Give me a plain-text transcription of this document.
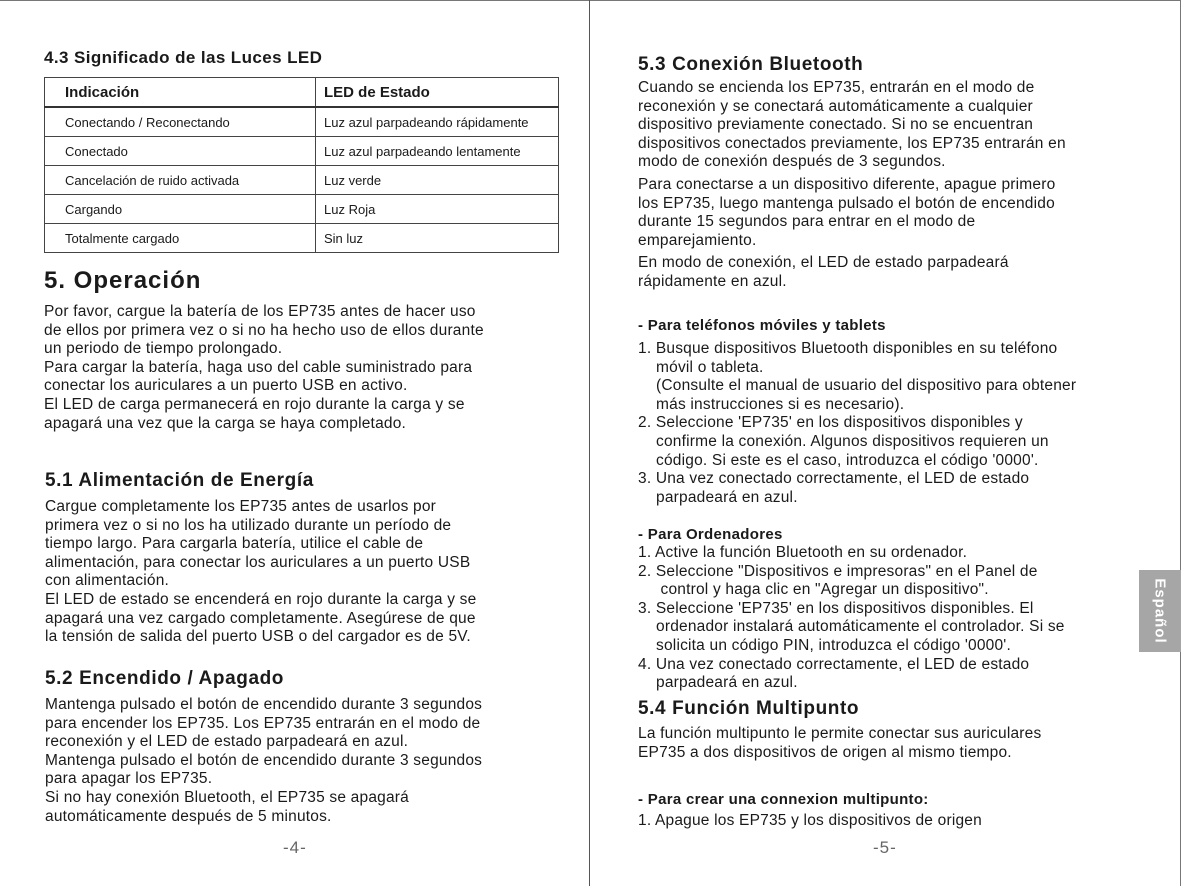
4.3 Significado de las Luces LED
Indicación	LED de Estado
Conectando / Reconectando	Luz azul parpadeando rápidamente
Conectado	Luz azul parpadeando lentamente
Cancelación de ruido activada	Luz verde
Cargando	Luz Roja
Totalmente cargado	Sin luz
5. Operación
Por favor, cargue la batería de los EP735 antes de hacer uso
de ellos por primera vez o si no ha hecho uso de ellos durante
un periodo de tiempo prolongado.
Para cargar la batería, haga uso del cable suministrado para
conectar los auriculares a un puerto USB en activo.
El LED de carga permanecerá en rojo durante la carga y se
apagará una vez que la carga se haya completado.
5.1 Alimentación de Energía
Cargue completamente los EP735 antes de usarlos por
primera vez o si no los ha utilizado durante un período de
tiempo largo. Para cargarla batería, utilice el cable de
alimentación, para conectar los auriculares a un puerto USB
con alimentación.
El LED de estado se encenderá en rojo durante la carga y se
apagará una vez cargado completamente. Asegúrese de que
la tensión de salida del puerto USB o del cargador es de 5V.
5.2 Encendido / Apagado
Mantenga pulsado el botón de encendido durante 3 segundos
para encender los EP735. Los EP735 entrarán en el modo de
reconexión y el LED de estado parpadeará en azul.
Mantenga pulsado el botón de encendido durante 3 segundos
para apagar los EP735.
Si no hay conexión Bluetooth, el EP735 se apagará
automáticamente después de 5 minutos.
-4-
5.3 Conexión Bluetooth
Cuando se encienda los EP735, entrarán en el modo de
reconexión y se conectará automáticamente a cualquier
dispositivo previamente conectado. Si no se encuentran
dispositivos conectados previamente, los EP735 entrarán en
modo de conexión después de 3 segundos.
Para conectarse a un dispositivo diferente, apague primero
los EP735, luego mantenga pulsado el botón de encendido
durante 15 segundos para entrar en el modo de
emparejamiento.
En modo de conexión, el LED de estado parpadeará
rápidamente en azul.
- Para teléfonos móviles y tablets
1. Busque dispositivos Bluetooth disponibles en su teléfono
móvil o tableta.
(Consulte el manual de usuario del dispositivo para obtener
más instrucciones si es necesario).
2. Seleccione 'EP735' en los dispositivos disponibles y
confirme la conexión. Algunos dispositivos requieren un
código. Si este es el caso, introduzca el código '0000'.
3. Una vez conectado correctamente, el LED de estado
parpadeará en azul.
- Para Ordenadores
1. Active la función Bluetooth en su ordenador.
2. Seleccione "Dispositivos e impresoras" en el Panel de
control y haga clic en "Agregar un dispositivo".
3. Seleccione 'EP735' en los dispositivos disponibles. El
ordenador instalará automáticamente el controlador. Si se
solicita un código PIN, introduzca el código '0000'.
4. Una vez conectado correctamente, el LED de estado
parpadeará en azul.
5.4 Función Multipunto
La función multipunto le permite conectar sus auriculares
EP735 a dos dispositivos de origen al mismo tiempo.
- Para crear una connexion multipunto:
1. Apague los EP735 y los dispositivos de origen
-5-
Español
